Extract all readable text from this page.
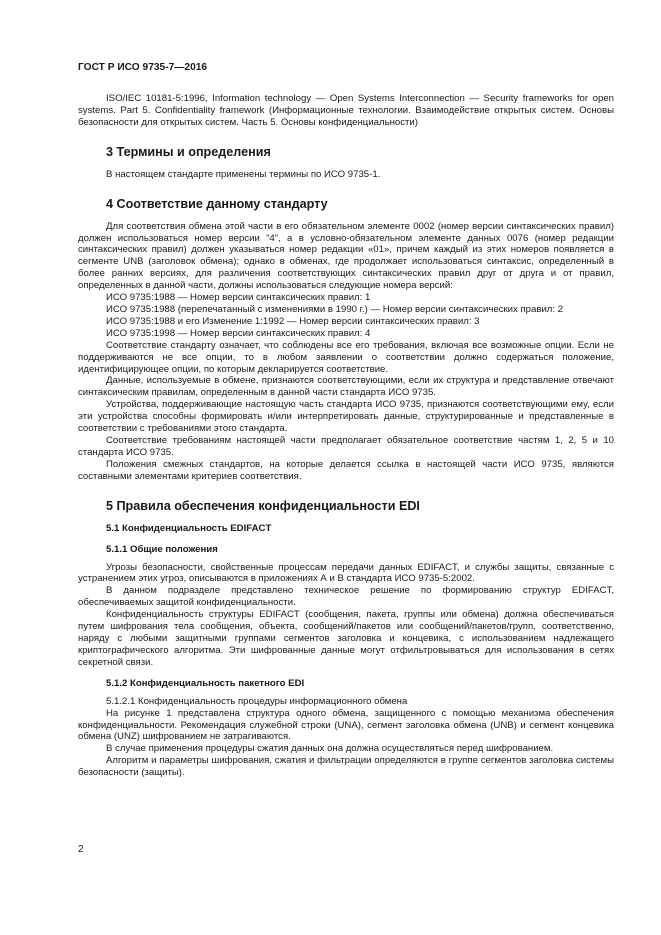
ГОСТ Р ИСО 9735-7—2016

ISO/IEC 10181-5:1996, Information technology — Open Systems Interconnection — Security frameworks for open systems. Part 5. Confidentiality framework (Информационные технологии. Взаимодействие открытых систем. Основы безопасности для открытых систем. Часть 5. Основы конфиденциальности)

3 Термины и определения

В настоящем стандарте применены термины по ИСО 9735-1.

4 Соответствие данному стандарту

Для соответствия обмена этой части в его обязательном элементе 0002 (номер версии синтаксических правил) должен использоваться номер версии “4”, а в условно-обязательном элементе данных 0076 (номер редакции синтаксических правил) должен указываться номер редакции «01», причем каждый из этих номеров появляется в сегменте UNB (заголовок обмена); однако в обменах, где продолжает использоваться синтаксис, определенный в более ранних версиях, для различения соответствующих синтаксических правил друг от друга и от правил, определенных в данной части, должны использоваться следующие номера версий:

ИСО 9735:1988 — Номер версии синтаксических правил: 1

ИСО 9735:1988 (перепечатанный с изменениями в 1990 г.) — Номер версии синтаксических правил: 2

ИСО 9735:1988 и его Изменение 1:1992 — Номер версии синтаксических правил: 3

ИСО 9735:1998 — Номер версии синтаксических правил: 4

Соответствие стандарту означает, что соблюдены все его требования, включая все возможные опции. Если не поддерживаются не все опции, то в любом заявлении о соответствии должно содержаться положение, идентифицирующее опции, по которым декларируется соответствие.

Данные, используемые в обмене, признаются соответствующими, если их структура и представление отвечают синтаксическим правилам, определенным в данной части стандарта ИСО 9735.

Устройства, поддерживающие настоящую часть стандарта ИСО 9735, признаются соответствующими ему, если эти устройства способны формировать и/или интерпретировать данные, структурированные и представленные в соответствии с требованиями этого стандарта.

Соответствие требованиям настоящей части предполагает обязательное соответствие частям 1, 2, 5 и 10 стандарта ИСО 9735.

Положения смежных стандартов, на которые делается ссылка в настоящей части ИСО 9735, являются составными элементами критериев соответствия.

5 Правила обеспечения конфиденциальности EDI
5.1 Конфиденциальность EDIFACT
5.1.1 Общие положения

Угрозы безопасности, свойственные процессам передачи данных EDIFACT, и службы защиты, связанные с устранением этих угроз, описываются в приложениях А и В стандарта ИСО 9735-5:2002.

В данном подразделе представлено техническое решение по формированию структур EDIFACT, обеспечиваемых защитой конфиденциальности.

Конфиденциальность структуры EDIFACT (сообщения, пакета, группы или обмена) должна обеспечиваться путем шифрования тела сообщения, объекта, сообщений/пакетов или сообщений/пакетов/групп, соответственно, наряду с любыми защитными группами сегментов заголовка и концевика, с использованием надлежащего криптографического алгоритма. Эти шифрованные данные могут отфильтровываться для использования в сетях секретной связи.

5.1.2 Конфиденциальность пакетного EDI

5.1.2.1 Конфиденциальность процедуры информационного обмена

На рисунке 1 представлена структура одного обмена, защищенного с помощью механизма обеспечения конфиденциальности. Рекомендация служебной строки (UNA), сегмент заголовка обмена (UNB) и сегмент концевика обмена (UNZ) шифрованием не затрагиваются.

В случае применения процедуры сжатия данных она должна осуществляться перед шифрованием.

Алгоритм и параметры шифрования, сжатия и фильтрации определяются в группе сегментов заголовка системы безопасности (защиты).

2
